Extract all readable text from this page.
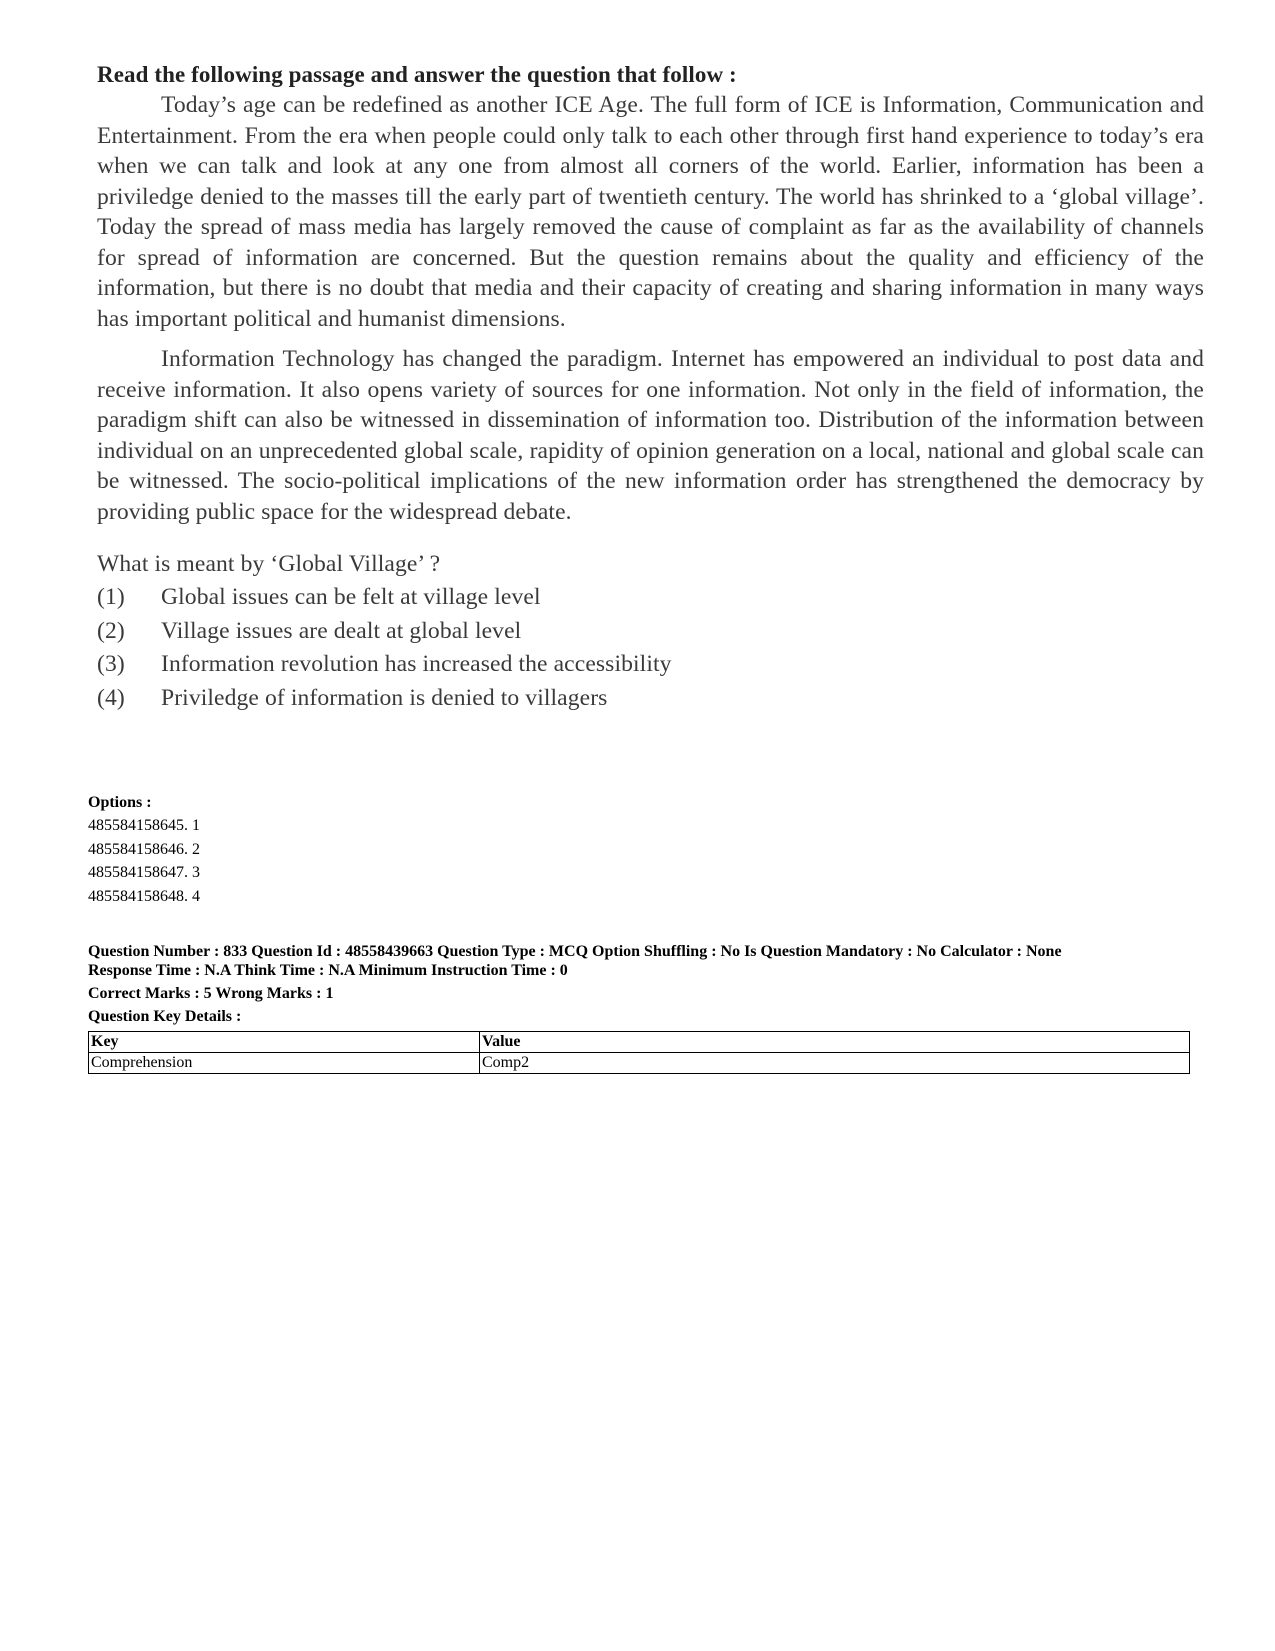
Read the following passage and answer the question that follow :

Today’s age can be redefined as another ICE Age. The full form of ICE is Information, Communication and Entertainment. From the era when people could only talk to each other through first hand experience to today’s era when we can talk and look at any one from almost all corners of the world. Earlier, information has been a priviledge denied to the masses till the early part of twentieth century. The world has shrinked to a ‘global village’. Today the spread of mass media has largely removed the cause of complaint as far as the availability of channels for spread of information are concerned. But the question remains about the quality and efficiency of the information, but there is no doubt that media and their capacity of creating and sharing information in many ways has important political and humanist dimensions.

Information Technology has changed the paradigm. Internet has empowered an individual to post data and receive information. It also opens variety of sources for one information. Not only in the field of information, the paradigm shift can also be witnessed in dissemination of information too. Distribution of the information between individual on an unprecedented global scale, rapidity of opinion generation on a local, national and global scale can be witnessed. The socio-political implications of the new information order has strengthened the democracy by providing public space for the widespread debate.

What is meant by ‘Global Village’ ?
(1)	Global issues can be felt at village level
(2)	Village issues are dealt at global level
(3)	Information revolution has increased the accessibility
(4)	Priviledge of information is denied to villagers
Options :
485584158645. 1
485584158646. 2
485584158647. 3
485584158648. 4
Question Number : 833 Question Id : 48558439663 Question Type : MCQ Option Shuffling : No Is Question Mandatory : No Calculator : None
Response Time : N.A Think Time : N.A Minimum Instruction Time : 0
Correct Marks : 5 Wrong Marks : 1
Question Key Details :
Key	Value
Comprehension	Comp2
